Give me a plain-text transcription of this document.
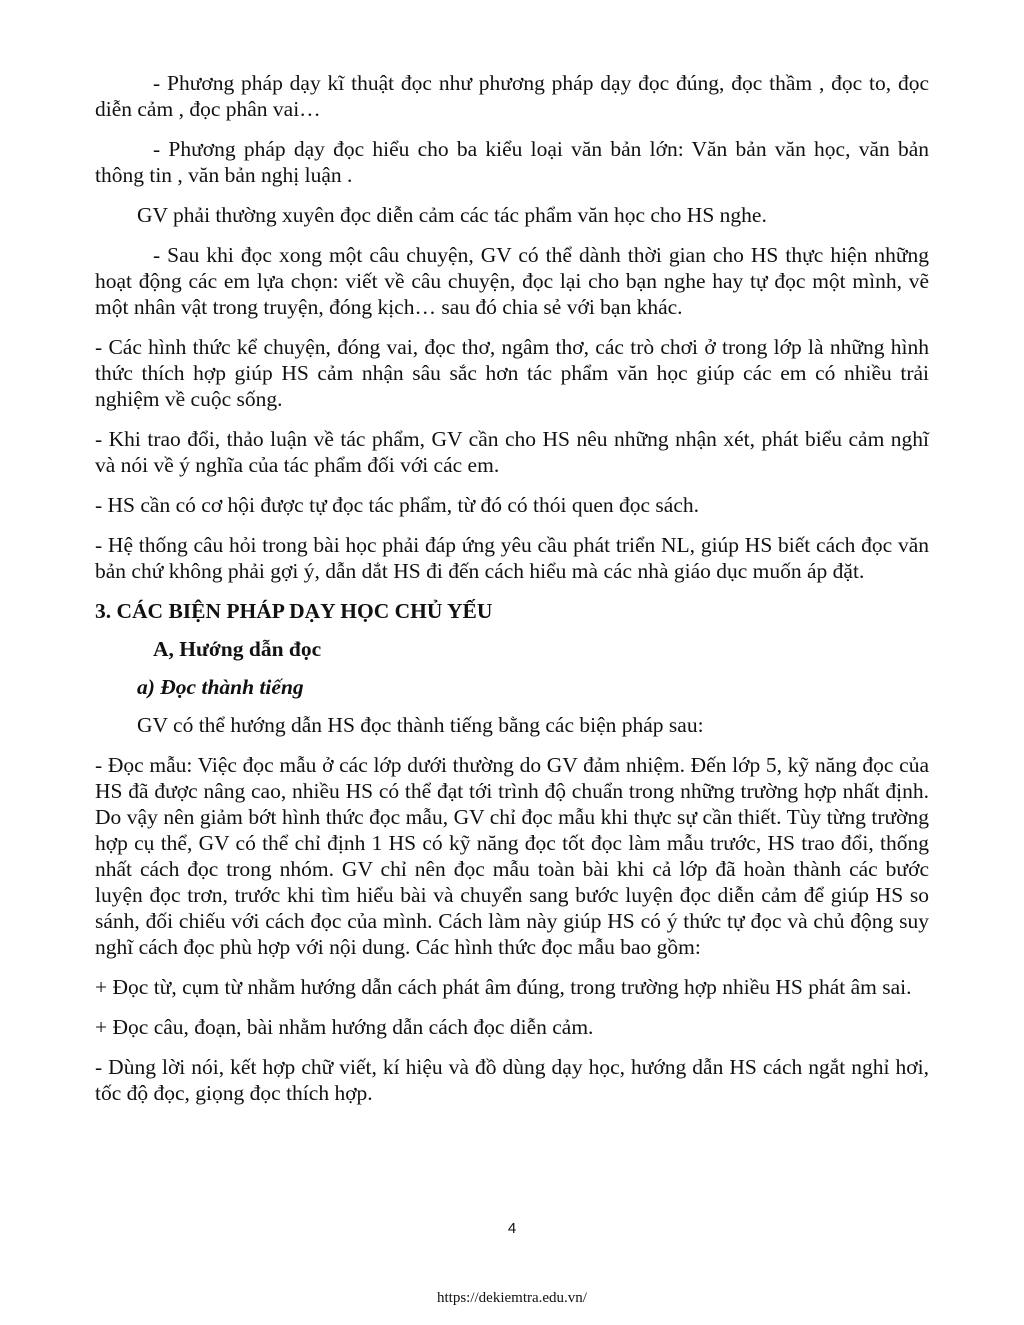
- Phương pháp dạy kĩ thuật đọc như phương pháp dạy đọc đúng, đọc thầm , đọc to, đọc diễn cảm , đọc phân vai…

- Phương pháp dạy đọc hiểu cho ba kiểu loại văn bản lớn: Văn bản văn học, văn bản thông tin , văn bản nghị luận .

GV phải thường xuyên đọc diễn cảm các tác phẩm văn học cho HS nghe.

- Sau khi đọc xong một câu chuyện, GV có thể dành thời gian cho HS thực hiện những hoạt động các em lựa chọn: viết về câu chuyện, đọc lại cho bạn nghe hay tự đọc một mình, vẽ một nhân vật trong truyện, đóng kịch… sau đó chia sẻ với bạn khác.

- Các hình thức kể chuyện, đóng vai, đọc thơ, ngâm thơ, các trò chơi ở trong lớp là những hình thức thích hợp giúp HS cảm nhận sâu sắc hơn tác phẩm văn học giúp các em có nhiều trải nghiệm về cuộc sống.

- Khi trao đổi, thảo luận về tác phẩm, GV cần cho HS nêu những nhận xét, phát biểu cảm nghĩ và nói về ý nghĩa của tác phẩm đối với các em.

- HS cần có cơ hội được tự đọc tác phẩm, từ đó có thói quen đọc sách.

- Hệ thống câu hỏi trong bài học phải đáp ứng yêu cầu phát triển NL, giúp HS biết cách đọc văn bản chứ không phải gợi ý, dẫn dắt HS đi đến cách hiểu mà các nhà giáo dục muốn áp đặt.

3. CÁC BIỆN PHÁP DẠY HỌC CHỦ YẾU
A, Hướng dẫn đọc
a) Đọc thành tiếng

GV có thể hướng dẫn HS đọc thành tiếng bằng các biện pháp sau:

- Đọc mẫu: Việc đọc mẫu ở các lớp dưới thường do GV đảm nhiệm. Đến lớp 5, kỹ năng đọc của HS đã được nâng cao, nhiều HS có thể đạt tới trình độ chuẩn trong những trường hợp nhất định. Do vậy nên giảm bớt hình thức đọc mẫu, GV chỉ đọc mẫu khi thực sự cần thiết. Tùy từng trường hợp cụ thể, GV có thể chỉ định 1 HS có kỹ năng đọc tốt đọc làm mẫu trước, HS trao đổi, thống nhất cách đọc trong nhóm. GV chỉ nên đọc mẫu toàn bài khi cả lớp đã hoàn thành các bước luyện đọc trơn, trước khi tìm hiểu bài và chuyển sang bước luyện đọc diễn cảm để giúp HS so sánh, đối chiếu với cách đọc của mình. Cách làm này giúp HS có ý thức tự đọc và chủ động suy nghĩ cách đọc phù hợp với nội dung. Các hình thức đọc mẫu bao gồm:

+ Đọc từ, cụm từ nhằm hướng dẫn cách phát âm đúng, trong trường hợp nhiều HS phát âm sai.

+ Đọc câu, đoạn, bài nhằm hướng dẫn cách đọc diễn cảm.

- Dùng lời nói, kết hợp chữ viết, kí hiệu và đồ dùng dạy học, hướng dẫn HS cách ngắt nghỉ hơi, tốc độ đọc, giọng đọc thích hợp.

4
https://dekiemtra.edu.vn/
